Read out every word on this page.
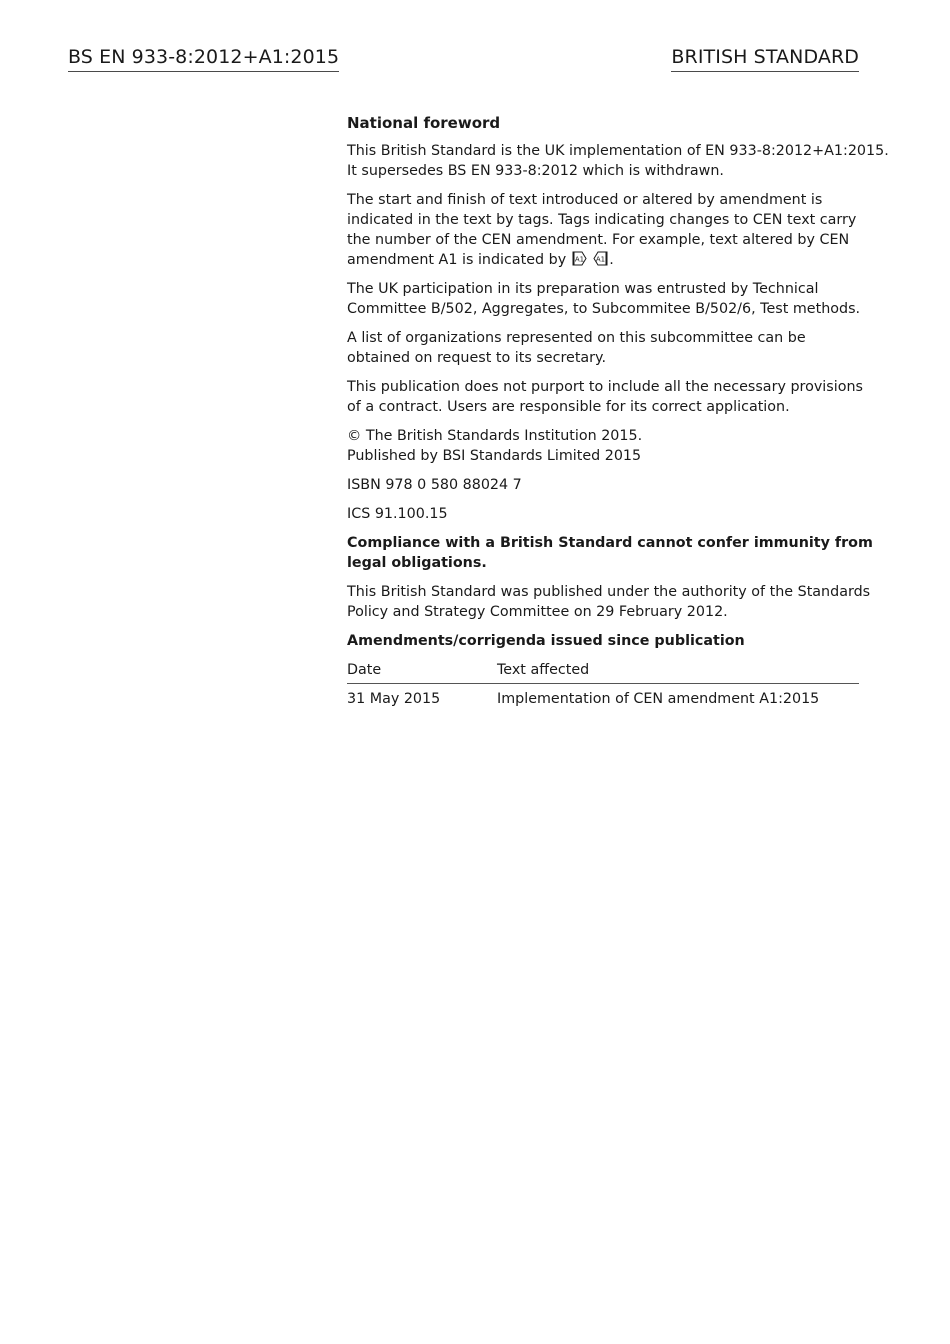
BS EN 933-8:2012+A1:2015	BRITISH STANDARD

National foreword

This British Standard is the UK implementation of EN 933-8:2012+A1:2015.
It supersedes BS EN 933-8:2012 which is withdrawn.

The start and finish of text introduced or altered by amendment is
indicated in the text by tags. Tags indicating changes to CEN text carry
the number of the CEN amendment. For example, text altered by CEN
amendment A1 is indicated by A1
A1 .

The UK participation in its preparation was entrusted by Technical
Committee B/502, Aggregates, to Subcommitee B/502/6, Test methods.

A list of organizations represented on this subcommittee can be
obtained on request to its secretary.

This publication does not purport to include all the necessary provisions
of a contract. Users are responsible for its correct application.

© The British Standards Institution 2015.
Published by BSI Standards Limited 2015

ISBN 978 0 580 88024 7

ICS 91.100.15

Compliance with a British Standard cannot confer immunity from
legal obligations.

This British Standard was published under the authority of the Standards
Policy and Strategy Committee on 29 February 2012.

Amendments/corrigenda issued since publication

Date	Text affected
31 May 2015	Implementation of CEN amendment A1:2015
